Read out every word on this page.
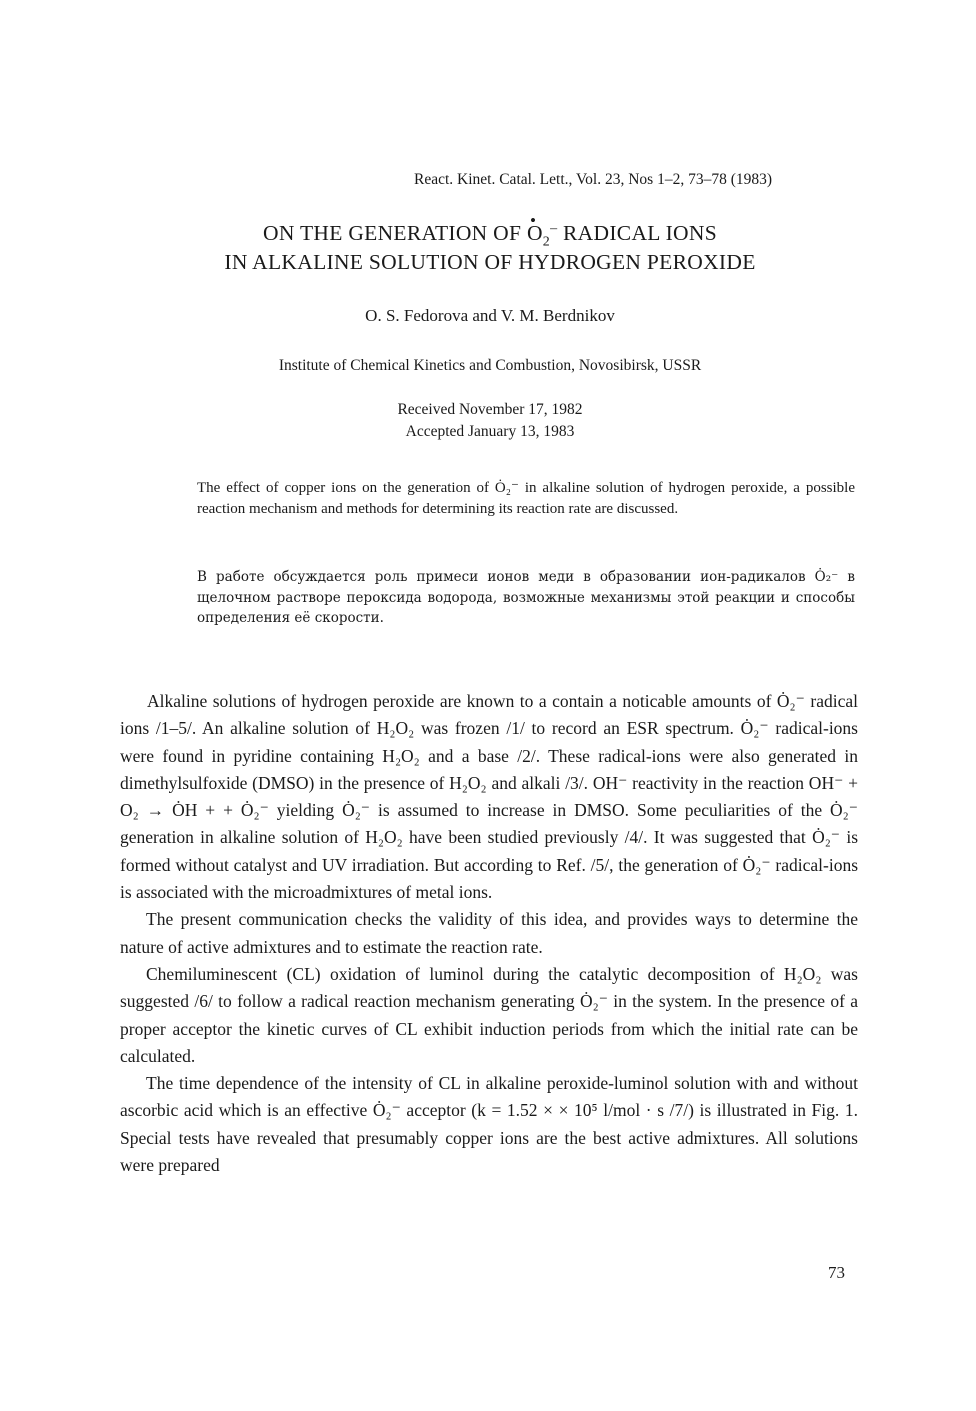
React. Kinet. Catal. Lett., Vol. 23, Nos 1–2, 73–78 (1983)
ON THE GENERATION OF • $O_2^-$ RADICAL IONS
IN ALKALINE SOLUTION OF HYDROGEN PEROXIDE
O. S. Fedorova and V. M. Berdnikov
Institute of Chemical Kinetics and Combustion, Novosibirsk, USSR
Received November 17, 1982
Accepted January 13, 1983
The effect of copper ions on the generation of Ȯ₂⁻ in alkaline solution of hydrogen peroxide, a possible reaction mechanism and methods for determining its reaction rate are discussed.
В работе обсуждается роль примеси ионов меди в образовании ион-радикалов Ȯ₂⁻ в щелочном растворе пероксида водорода, возможные механизмы этой реакции и способы определения её скорости.

Alkaline solutions of hydrogen peroxide are known to a contain a noticable amounts of Ȯ₂⁻ radical ions /1–5/. An alkaline solution of H₂O₂ was frozen /1/ to record an ESR spectrum. Ȯ₂⁻ radical-ions were found in pyridine containing H₂O₂ and a base /2/. These radical-ions were also generated in dimethylsulfoxide (DMSO) in the presence of H₂O₂ and alkali /3/. OH⁻ reactivity in the reaction OH⁻ + O₂ → ȮH + + Ȯ₂⁻ yielding Ȯ₂⁻ is assumed to increase in DMSO. Some peculiarities of the Ȯ₂⁻ generation in alkaline solution of H₂O₂ have been studied previously /4/. It was suggested that Ȯ₂⁻ is formed without catalyst and UV irradiation. But according to Ref. /5/, the generation of Ȯ₂⁻ radical-ions is associated with the microadmixtures of metal ions.

The present communication checks the validity of this idea, and provides ways to determine the nature of active admixtures and to estimate the reaction rate.

Chemiluminescent (CL) oxidation of luminol during the catalytic decomposition of H₂O₂ was suggested /6/ to follow a radical reaction mechanism generating Ȯ₂⁻ in the system. In the presence of a proper acceptor the kinetic curves of CL exhibit induction periods from which the initial rate can be calculated.

The time dependence of the intensity of CL in alkaline peroxide-luminol solution with and without ascorbic acid which is an effective Ȯ₂⁻ acceptor (k = 1.52 × × 10⁵ l/mol · s /7/) is illustrated in Fig. 1. Special tests have revealed that presumably copper ions are the best active admixtures. All solutions were prepared

73
